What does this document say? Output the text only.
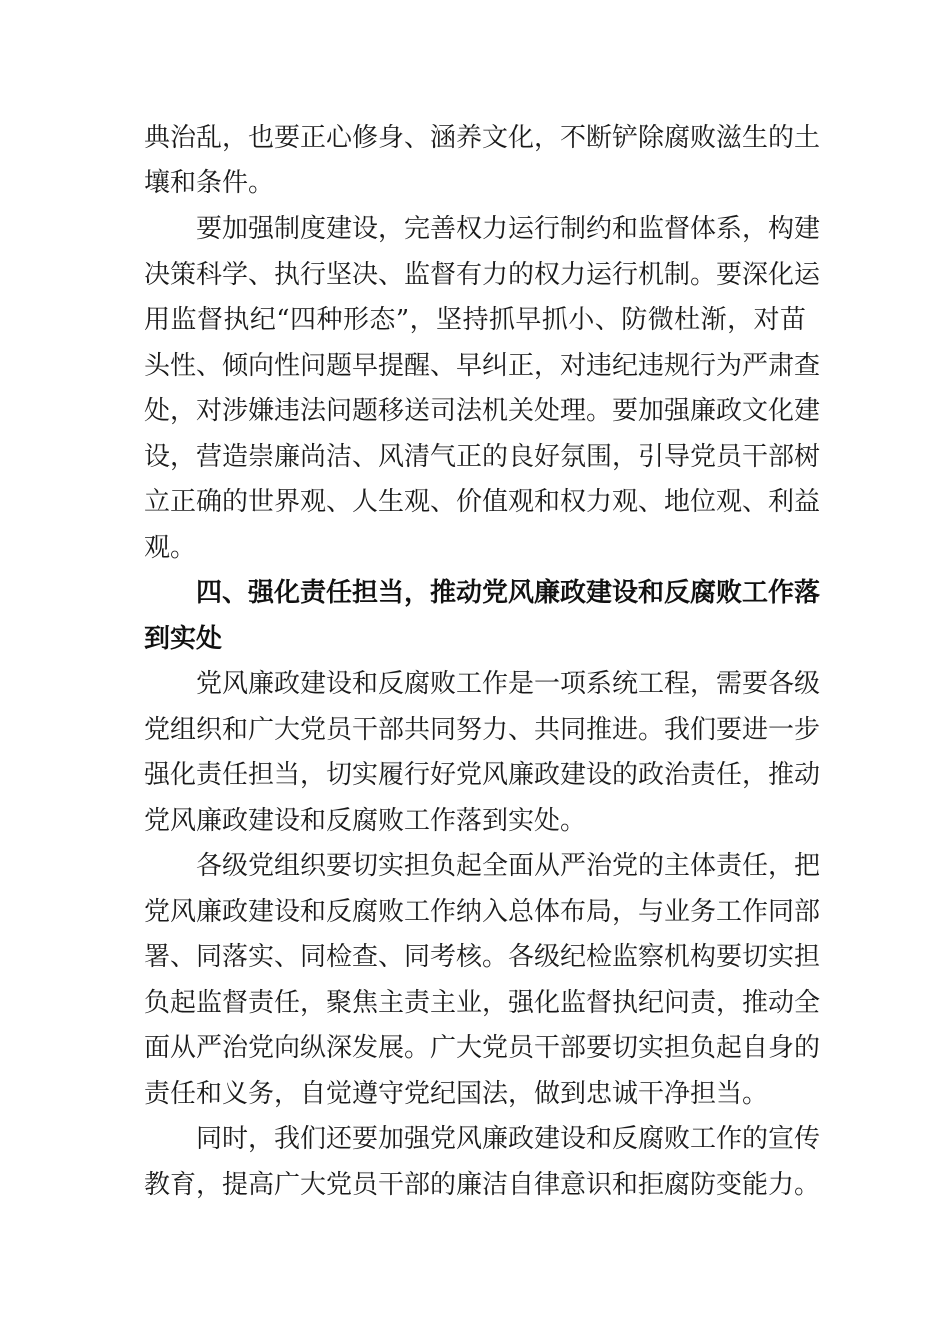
典治乱，也要正心修身、涵养文化，不断铲除腐败滋生的土
壤和条件。
要加强制度建设，完善权力运行制约和监督体系，构建
决策科学、执行坚决、监督有力的权力运行机制。要深化运
用监督执纪“四种形态”，坚持抓早抓小、防微杜渐，对苗
头性、倾向性问题早提醒、早纠正，对违纪违规行为严肃查
处，对涉嫌违法问题移送司法机关处理。要加强廉政文化建
设，营造崇廉尚洁、风清气正的良好氛围，引导党员干部树
立正确的世界观、人生观、价值观和权力观、地位观、利益
观。
四、强化责任担当，推动党风廉政建设和反腐败工作落
到实处
党风廉政建设和反腐败工作是一项系统工程，需要各级
党组织和广大党员干部共同努力、共同推进。我们要进一步
强化责任担当，切实履行好党风廉政建设的政治责任，推动
党风廉政建设和反腐败工作落到实处。
各级党组织要切实担负起全面从严治党的主体责任，把
党风廉政建设和反腐败工作纳入总体布局，与业务工作同部
署、同落实、同检查、同考核。各级纪检监察机构要切实担
负起监督责任，聚焦主责主业，强化监督执纪问责，推动全
面从严治党向纵深发展。广大党员干部要切实担负起自身的
责任和义务，自觉遵守党纪国法，做到忠诚干净担当。
同时，我们还要加强党风廉政建设和反腐败工作的宣传
教育，提高广大党员干部的廉洁自律意识和拒腐防变能力。
